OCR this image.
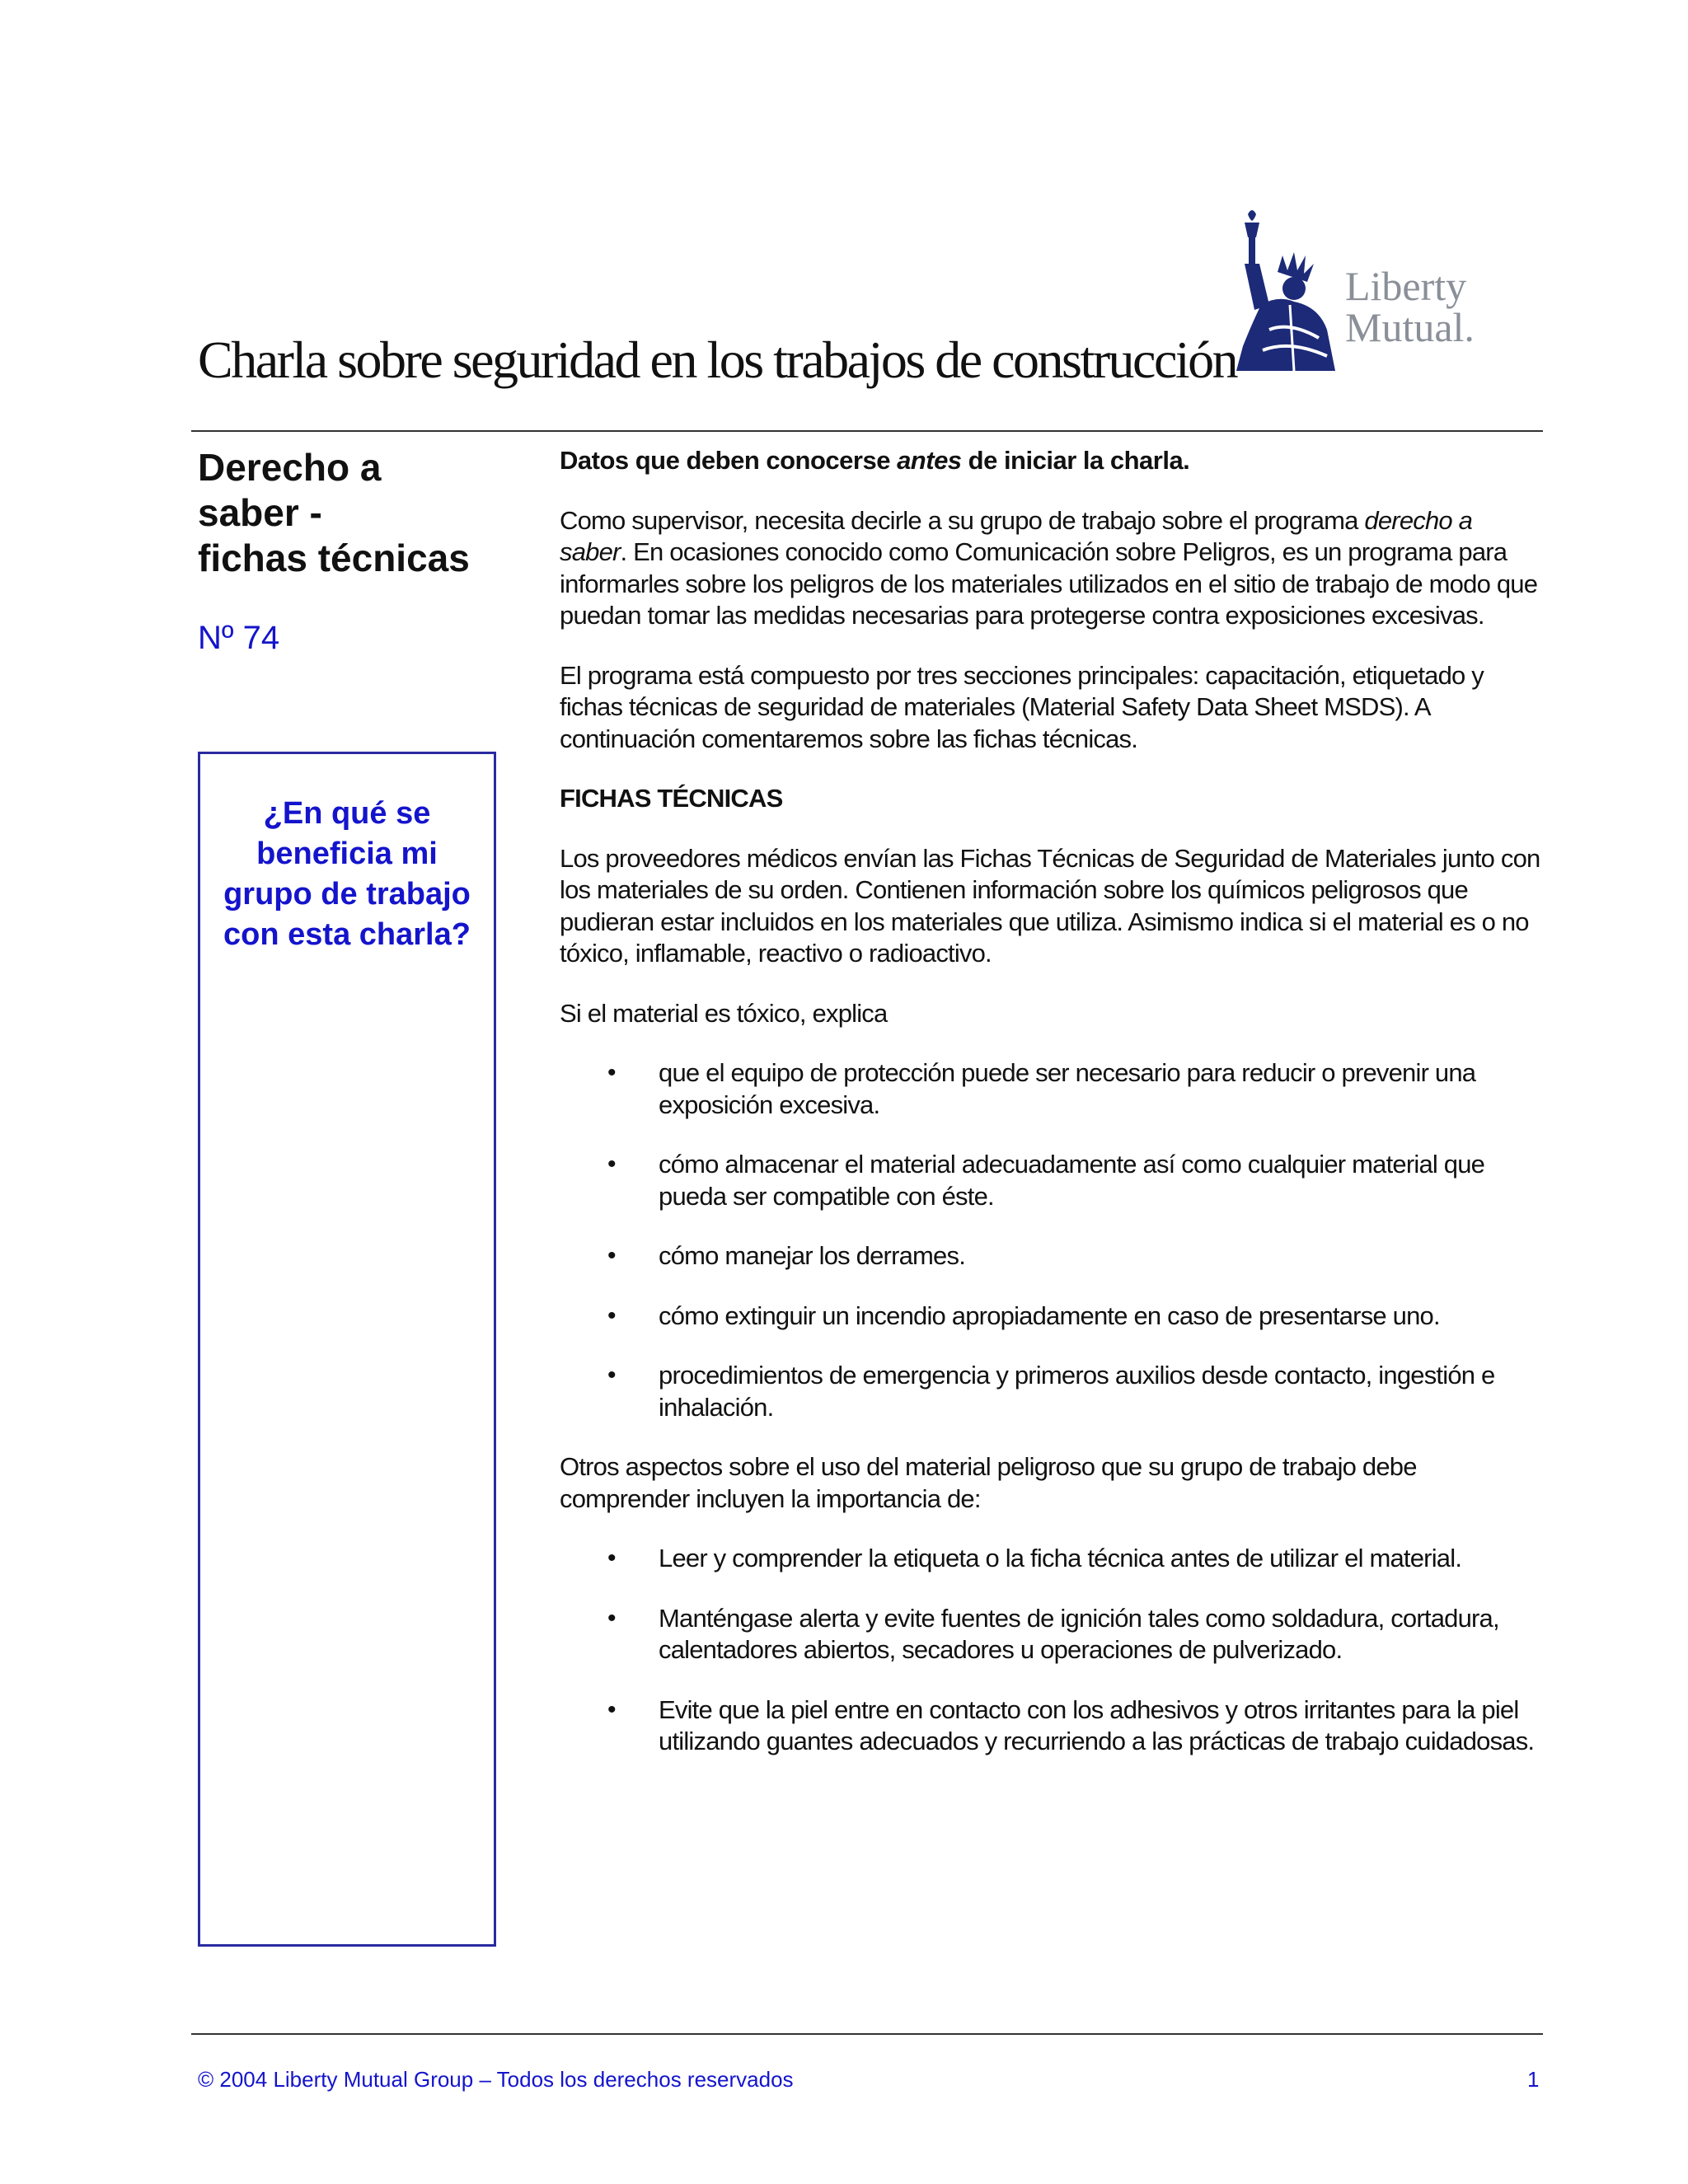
Liberty
Mutual.
Charla sobre seguridad en los trabajos de construcción
Derecho a
saber -
fichas técnicas
Nº 74
¿En qué se
beneficia mi
grupo de trabajo
con esta charla?

Datos que deben conocerse antes de iniciar la charla.

Como supervisor, necesita decirle a su grupo de trabajo sobre el programa derecho a saber. En ocasiones conocido como Comunicación sobre Peligros, es un programa para informarles sobre los peligros de los materiales utilizados en el sitio de trabajo de modo que puedan tomar las medidas necesarias para protegerse contra exposiciones excesivas.

El programa está compuesto por tres secciones principales: capacitación, etiquetado y fichas técnicas de seguridad de materiales (Material Safety Data Sheet MSDS). A continuación comentaremos sobre las fichas técnicas.

FICHAS TÉCNICAS

Los proveedores médicos envían las Fichas Técnicas de Seguridad de Materiales junto con los materiales de su orden. Contienen información sobre los químicos peligrosos que pudieran estar incluidos en los materiales que utiliza. Asimismo indica si el material es o no tóxico, inflamable, reactivo o radioactivo.

Si el material es tóxico, explica

• que el equipo de protección puede ser necesario para reducir o prevenir una exposición excesiva.
• cómo almacenar el material adecuadamente así como cualquier material que pueda ser compatible con éste.
• cómo manejar los derrames.
• cómo extinguir un incendio apropiadamente en caso de presentarse uno.
• procedimientos de emergencia y primeros auxilios desde contacto, ingestión e inhalación.

Otros aspectos sobre el uso del material peligroso que su grupo de trabajo debe comprender incluyen la importancia de:

• Leer y comprender la etiqueta o la ficha técnica antes de utilizar el material.
• Manténgase alerta y evite fuentes de ignición tales como soldadura, cortadura, calentadores abiertos, secadores u operaciones de pulverizado.
• Evite que la piel entre en contacto con los adhesivos y otros irritantes para la piel utilizando guantes adecuados y recurriendo a las prácticas de trabajo cuidadosas.
© 2004 Liberty Mutual Group – Todos los derechos reservados	1
